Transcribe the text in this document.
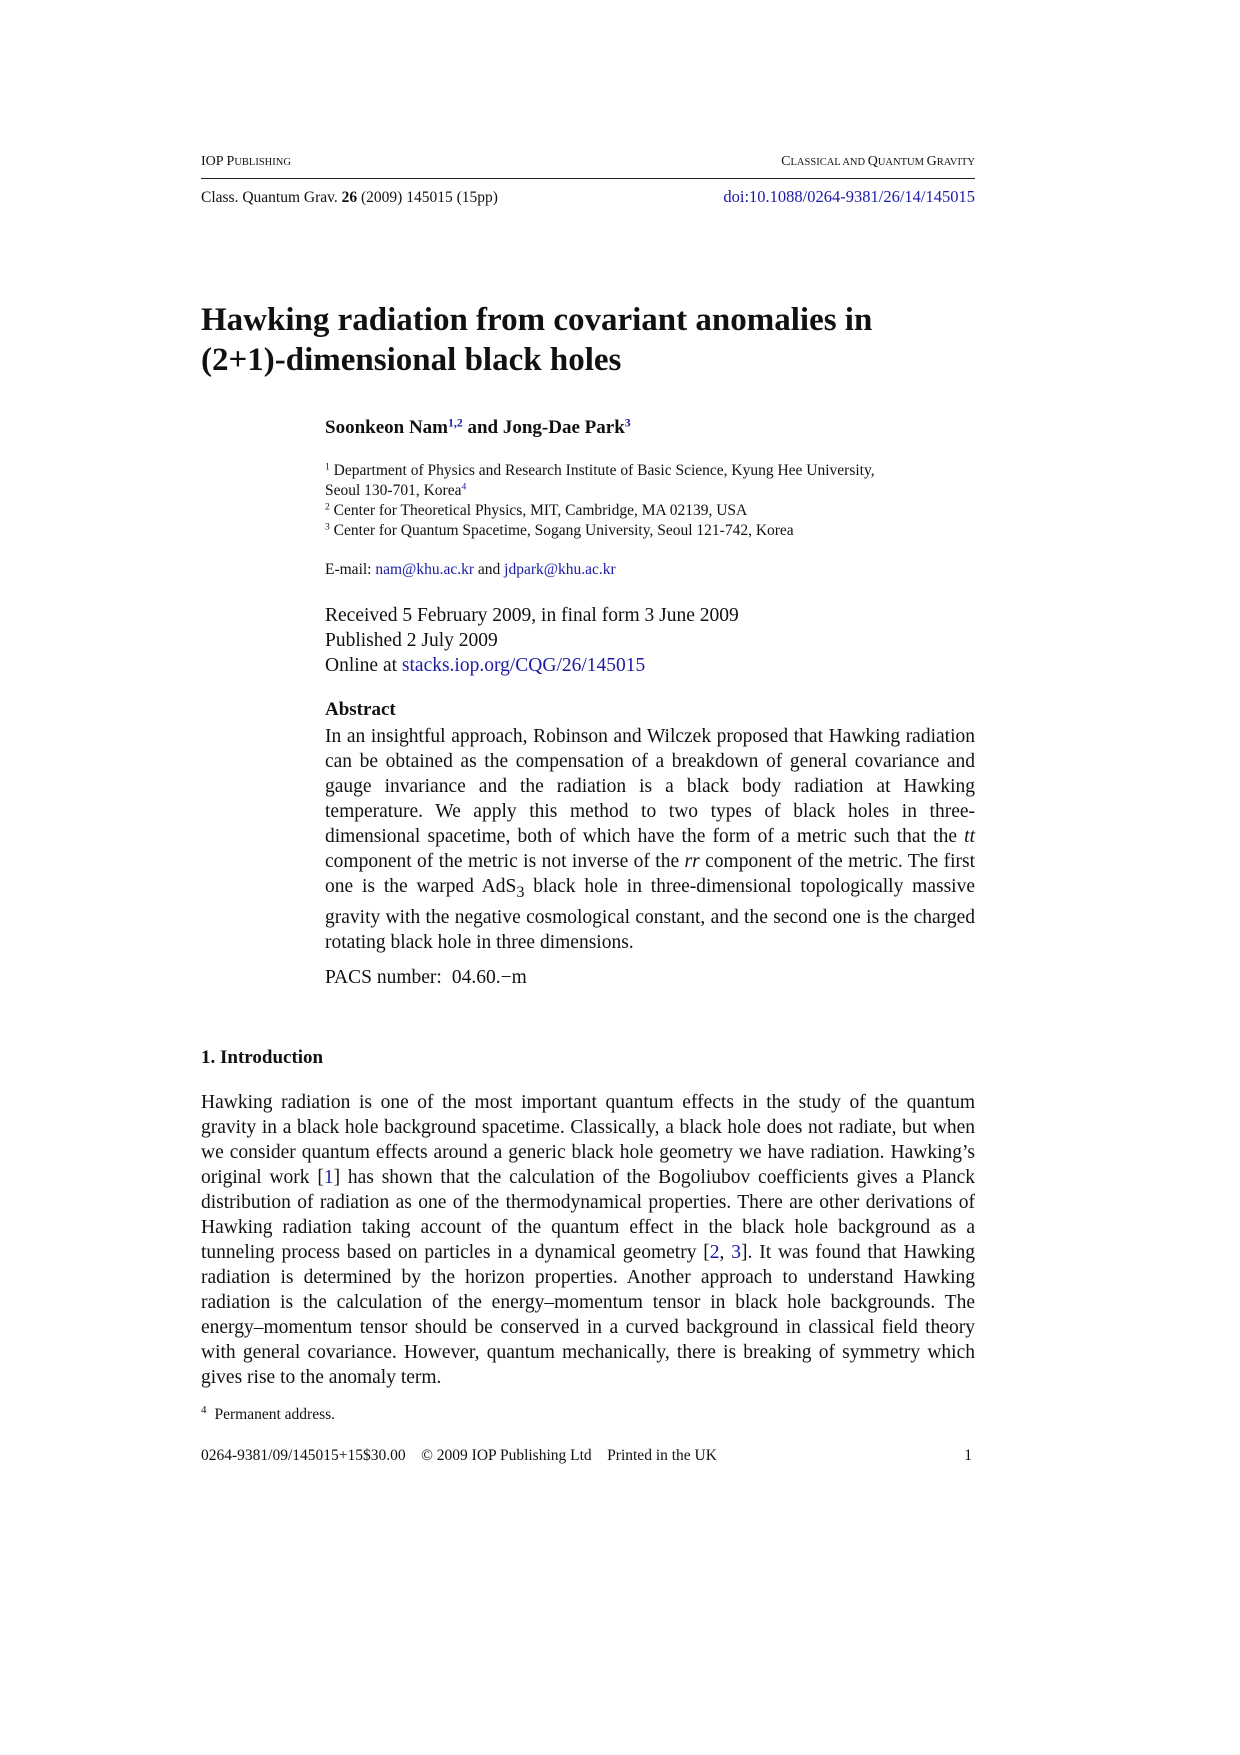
IOP PUBLISHING	CLASSICAL AND QUANTUM GRAVITY
Class. Quantum Grav. 26 (2009) 145015 (15pp)	doi:10.1088/0264-9381/26/14/145015
Hawking radiation from covariant anomalies in
(2+1)-dimensional black holes
Soonkeon Nam$^{1,2}$ and Jong-Dae Park$^3$
$^1$ Department of Physics and Research Institute of Basic Science, Kyung Hee University,
Seoul 130-701, Korea$^4$
$^2$ Center for Theoretical Physics, MIT, Cambridge, MA 02139, USA
$^3$ Center for Quantum Spacetime, Sogang University, Seoul 121-742, Korea
E-mail: nam@khu.ac.kr and jdpark@khu.ac.kr
Received 5 February 2009, in final form 3 June 2009
Published 2 July 2009
Online at stacks.iop.org/CQG/26/145015
Abstract

In an insightful approach, Robinson and Wilczek proposed that Hawking radiation can be obtained as the compensation of a breakdown of general covariance and gauge invariance and the radiation is a black body radiation at Hawking temperature. We apply this method to two types of black holes in three-dimensional spacetime, both of which have the form of a metric such that the tt component of the metric is not inverse of the rr component of the metric. The first one is the warped AdS$_3$ black hole in three-dimensional topologically massive gravity with the negative cosmological constant, and the second one is the charged rotating black hole in three dimensions.

PACS number: 04.60.−m
1. Introduction

Hawking radiation is one of the most important quantum effects in the study of the quantum gravity in a black hole background spacetime. Classically, a black hole does not radiate, but when we consider quantum effects around a generic black hole geometry we have radiation. Hawking’s original work [1] has shown that the calculation of the Bogoliubov coefficients gives a Planck distribution of radiation as one of the thermodynamical properties. There are other derivations of Hawking radiation taking account of the quantum effect in the black hole background as a tunneling process based on particles in a dynamical geometry [2, 3]. It was found that Hawking radiation is determined by the horizon properties. Another approach to understand Hawking radiation is the calculation of the energy–momentum tensor in black hole backgrounds. The energy–momentum tensor should be conserved in a curved background in classical field theory with general covariance. However, quantum mechanically, there is breaking of symmetry which gives rise to the anomaly term.

$^4$ Permanent address.
0264-9381/09/145015+15$30.00    © 2009 IOP Publishing Ltd    Printed in the UK	1
